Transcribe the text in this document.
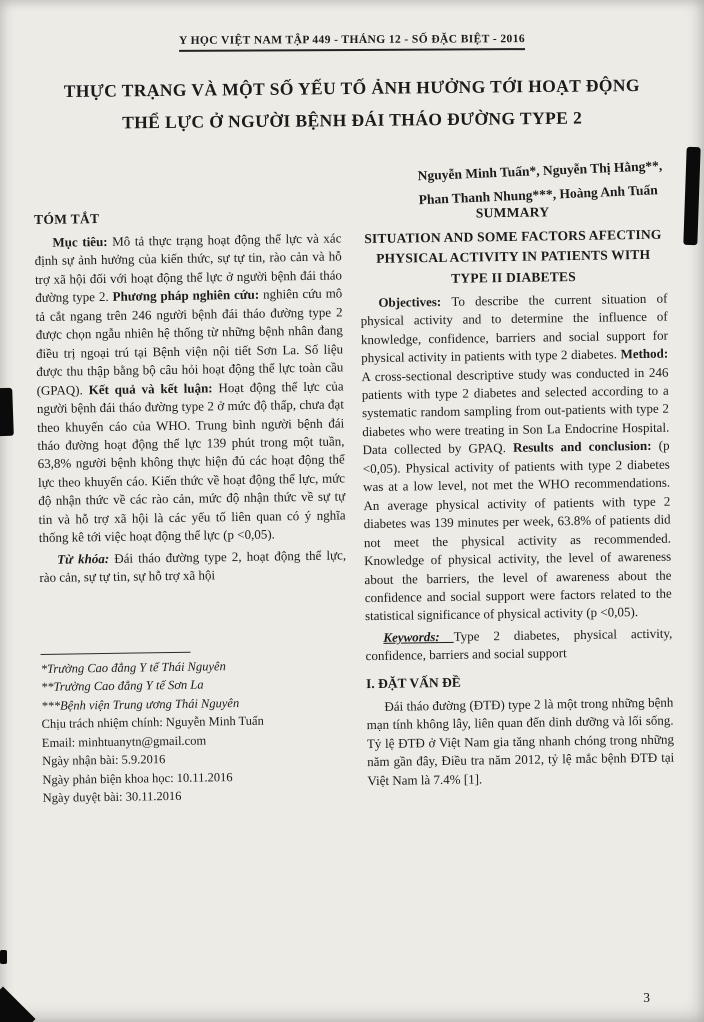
Y HỌC VIỆT NAM TẬP 449 - THÁNG 12 - SỐ ĐẶC BIỆT - 2016
THỰC TRẠNG VÀ MỘT SỐ YẾU TỐ ẢNH HƯỞNG TỚI HOẠT ĐỘNG
THỂ LỰC Ở NGƯỜI BỆNH ĐÁI THÁO ĐƯỜNG TYPE 2
Nguyễn Minh Tuấn*, Nguyễn Thị Hằng**,
Phan Thanh Nhung***, Hoàng Anh Tuấn
TÓM TẮT

Mục tiêu: Mô tả thực trạng hoạt động thể lực và xác định sự ảnh hưởng của kiến thức, sự tự tin, rào cản và hỗ trợ xã hội đối với hoạt động thể lực ở người bệnh đái tháo đường type 2. Phương pháp nghiên cứu: nghiên cứu mô tả cắt ngang trên 246 người bệnh đái tháo đường type 2 được chọn ngẫu nhiên hệ thống từ những bệnh nhân đang điều trị ngoại trú tại Bệnh viện nội tiết Sơn La. Số liệu được thu thập bằng bộ câu hỏi hoạt động thể lực toàn cầu (GPAQ). Kết quả và kết luận: Hoạt động thể lực của người bệnh đái tháo đường type 2 ở mức độ thấp, chưa đạt theo khuyến cáo của WHO. Trung bình người bệnh đái tháo đường hoạt động thể lực 139 phút trong một tuần, 63,8% người bệnh không thực hiện đủ các hoạt động thể lực theo khuyến cáo. Kiến thức về hoạt động thể lực, mức độ nhận thức về các rào cản, mức độ nhận thức về sự tự tin và hỗ trợ xã hội là các yếu tố liên quan có ý nghĩa thống kê tới việc hoạt động thể lực (p <0,05).

Từ khóa: Đái tháo đường type 2, hoạt động thể lực, rào cản, sự tự tin, sự hỗ trợ xã hội

*Trường Cao đẳng Y tế Thái Nguyên
**Trường Cao đẳng Y tế Sơn La
***Bệnh viện Trung ương Thái Nguyên
Chịu trách nhiệm chính: Nguyễn Minh Tuấn
Email: minhtuanytn@gmail.com
Ngày nhận bài: 5.9.2016
Ngày phản biện khoa học: 10.11.2016
Ngày duyệt bài: 30.11.2016
SUMMARY
SITUATION AND SOME FACTORS AFECTING PHYSICAL ACTIVITY IN PATIENTS WITH TYPE II DIABETES

Objectives: To describe the current situation of physical activity and to determine the influence of knowledge, confidence, barriers and social support for physical activity in patients with type 2 diabetes. Method: A cross-sectional descriptive study was conducted in 246 patients with type 2 diabetes and selected according to a systematic random sampling from out-patients with type 2 diabetes who were treating in Son La Endocrine Hospital. Data collected by GPAQ. Results and conclusion: (p <0,05). Physical activity of patients with type 2 diabetes was at a low level, not met the WHO recommendations. An average physical activity of patients with type 2 diabetes was 139 minutes per week, 63.8% of patients did not meet the physical activity as recommended. Knowledge of physical activity, the level of awareness about the barriers, the level of awareness about the confidence and social support were factors related to the statistical significance of physical activity (p <0,05).

Keywords: Type 2 diabetes, physical activity, confidence, barriers and social support

I. ĐẶT VẤN ĐỀ

Đái tháo đường (ĐTĐ) type 2 là một trong những bệnh mạn tính không lây, liên quan đến dinh dưỡng và lối sống. Tỷ lệ ĐTĐ ở Việt Nam gia tăng nhanh chóng trong những năm gần đây, Điều tra năm 2012, tỷ lệ mắc bệnh ĐTĐ tại Việt Nam là 7.4% [1].

3
